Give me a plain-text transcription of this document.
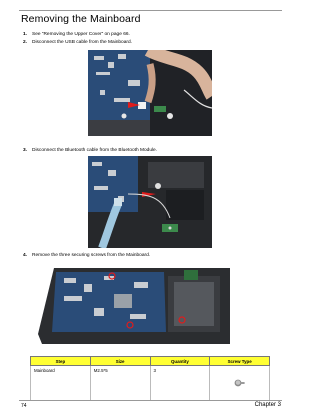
Removing the Mainboard
1. See “Removing the Upper Cover” on page 66.
2. Disconnect the USB cable from the Mainboard.
3. Disconnect the Bluetooth cable from the Bluetooth Module.
4. Remove the three securing screws from the Mainboard.
Step	Size	Quantity	Screw Type
Mainboard	M2.5*5	3	
74	Chapter 3
